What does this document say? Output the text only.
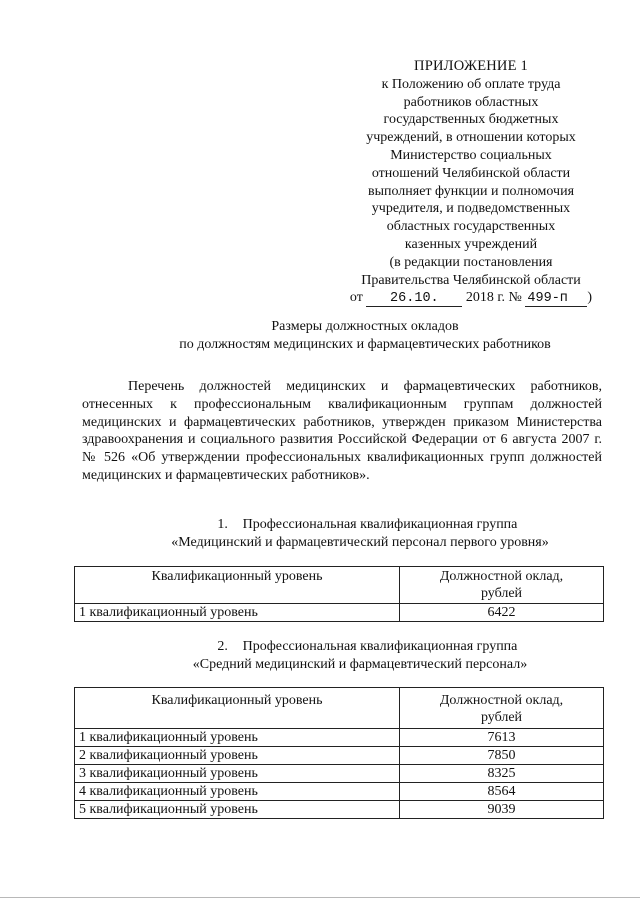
ПРИЛОЖЕНИЕ 1
к Положению об оплате труда
работников областных
государственных бюджетных
учреждений, в отношении которых
Министерство социальных
отношений Челябинской области
выполняет функции и полномочия
учредителя, и подведомственных
областных государственных
казенных учреждений
(в редакции постановления
Правительства Челябинской области
от 26.10. 2018 г. № 499-п )
Размеры должностных окладов
по должностям медицинских и фармацевтических работников
Перечень должностей медицинских и фармацевтических работников, отнесенных к профессиональным квалификационным группам должностей медицинских и фармацевтических работников, утвержден приказом Министерства здравоохранения и социального развития Российской Федерации от 6 августа 2007 г. № 526 «Об утверждении профессиональных квалификационных групп должностей медицинских и фармацевтических работников».
1. Профессиональная квалификационная группа
«Медицинский и фармацевтический персонал первого уровня»
Квалификационный уровень	Должностной оклад,
рублей

1 квалификационный уровень	6422
2. Профессиональная квалификационная группа
«Средний медицинский и фармацевтический персонал»
Квалификационный уровень	Должностной оклад,
рублей

1 квалификационный уровень	7613
2 квалификационный уровень	7850
3 квалификационный уровень	8325
4 квалификационный уровень	8564
5 квалификационный уровень	9039
